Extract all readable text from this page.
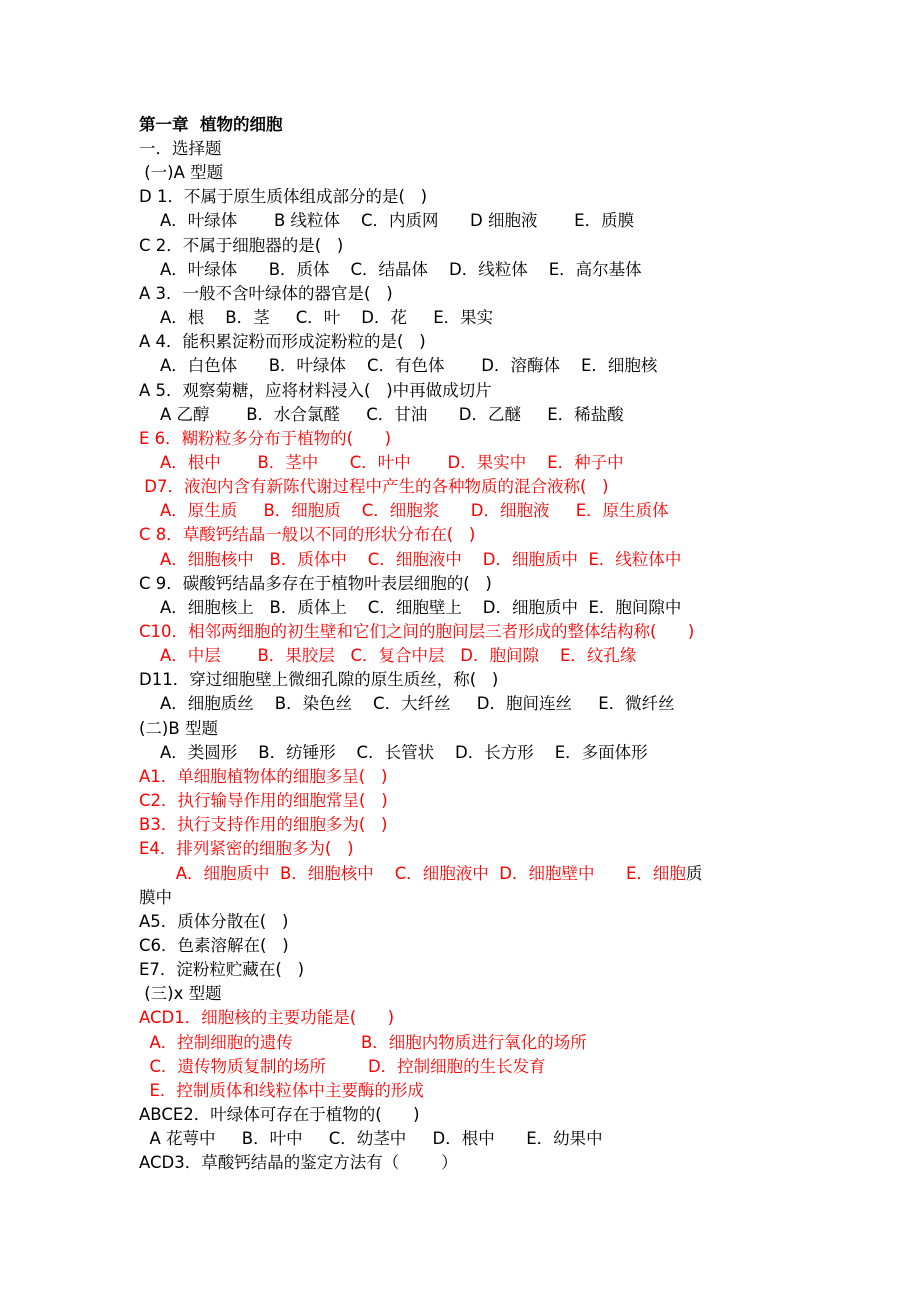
第一章  植物的细胞
一．选择题
(一)A 型题
D 1．不属于原生质体组成部分的是(   )
A．叶绿体       B 线粒体    C．内质网      D 细胞液       E．质膜
C 2．不属于细胞器的是(   )
A．叶绿体      B．质体    C．结晶体    D．线粒体    E．高尔基体
A 3．一般不含叶绿体的器官是(   )
A．根    B．茎     C．叶    D．花     E．果实
A 4．能积累淀粉而形成淀粉粒的是(   )
A．白色体      B．叶绿体    C．有色体       D．溶酶体    E．细胞核
A 5．观察菊糖，应将材料浸入(   )中再做成切片
A 乙醇       B．水合氯醛     C．甘油      D．乙醚     E．稀盐酸
E 6．糊粉粒多分布于植物的(      )
A．根中       B．茎中      C．叶中       D．果实中    E．种子中
D7．液泡内含有新陈代谢过程中产生的各种物质的混合液称(   )
A．原生质     B．细胞质    C．细胞浆      D．细胞液     E．原生质体
C 8．草酸钙结晶一般以不同的形状分布在(   )
A．细胞核中   B．质体中    C．细胞液中    D．细胞质中  E．线粒体中
C 9．碳酸钙结晶多存在于植物叶表层细胞的(   )
A．细胞核上   B．质体上    C．细胞壁上    D．细胞质中  E．胞间隙中
C10．相邻两细胞的初生壁和它们之间的胞间层三者形成的整体结构称(      )
A．中层       B．果胶层   C．复合中层   D．胞间隙    E．纹孔缘
D11．穿过细胞壁上微细孔隙的原生质丝，称(   )
A．细胞质丝    B．染色丝    C．大纤丝     D．胞间连丝     E．微纤丝
(二)B 型题
A．类圆形    B．纺锤形    C．长管状    D．长方形    E．多面体形
A1．单细胞植物体的细胞多呈(   )
C2．执行输导作用的细胞常呈(   )
B3．执行支持作用的细胞多为(   )
E4．排列紧密的细胞多为(   )
A．细胞质中  B．细胞核中    C．细胞液中  D．细胞壁中      E．细胞质
膜中
A5．质体分散在(   )
C6．色素溶解在(   )
E7．淀粉粒贮藏在(   )
(三)x 型题
ACD1．细胞核的主要功能是(      )
A．控制细胞的遗传             B．细胞内物质进行氧化的场所
C．遗传物质复制的场所        D．控制细胞的生长发育
E．控制质体和线粒体中主要酶的形成
ABCE2．叶绿体可存在于植物的(      )
A 花萼中     B．叶中     C．幼茎中     D．根中      E．幼果中
ACD3．草酸钙结晶的鉴定方法有（        ）
